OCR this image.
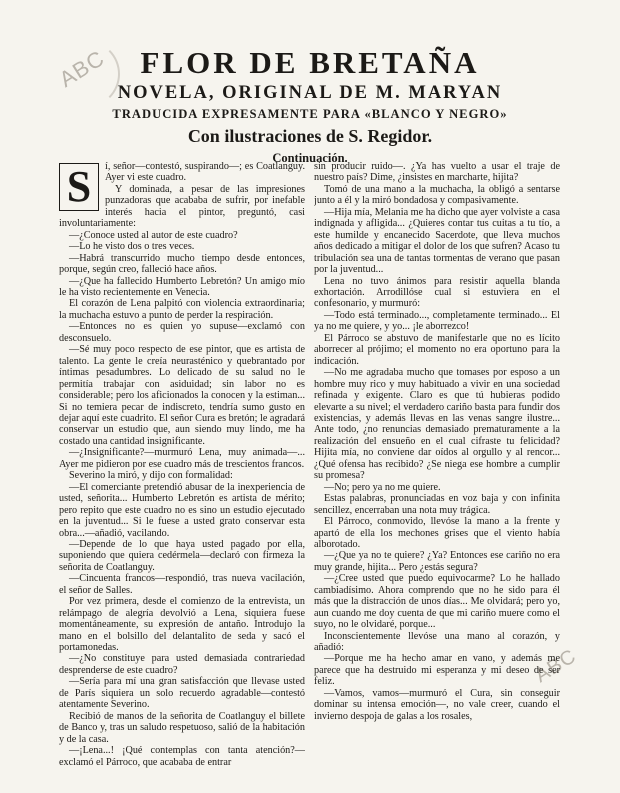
ABC
ABC
FLOR DE BRETAÑA
NOVELA, ORIGINAL DE M. MARYAN
TRADUCIDA EXPRESAMENTE PARA «BLANCO Y NEGRO»
Con ilustraciones de S. Regidor.
Continuación.
S	í, señor—contestó, suspirando—; es Coatlanguy. Ayer vi este cuadro.

Y dominada, a pesar de las impresiones punzadoras que acababa de sufrir, por inefable interés hacia el pintor, preguntó, casi involuntariamente:

—¿Conoce usted al autor de este cuadro?

—Lo he visto dos o tres veces.

—Habrá transcurrido mucho tiempo desde entonces, porque, según creo, falleció hace años.

—¿Que ha fallecido Humberto Lebretón? Un amigo mío le ha visto recientemente en Venecia.

El corazón de Lena palpitó con violencia extraordinaria; la muchacha estuvo a punto de perder la respiración.

—Entonces no es quien yo supuse—exclamó con desconsuelo.

—Sé muy poco respecto de ese pintor, que es artista de talento. La gente le creía neurasténico y quebrantado por íntimas pesadumbres. Lo delicado de su salud no le permitía trabajar con asiduidad; sin labor no es considerable; pero los aficionados la conocen y la estiman... Si no temiera pecar de indiscreto, tendría sumo gusto en dejar aquí este cuadrito. El señor Cura es bretón; le agradará conservar un estudio que, aun siendo muy lindo, me ha costado una cantidad insignificante.

—¿Insignificante?—murmuró Lena, muy animada—... Ayer me pidieron por ese cuadro más de trescientos francos.

Severino la miró, y dijo con formalidad:

—El comerciante pretendió abusar de la inexperiencia de usted, señorita... Humberto Lebretón es artista de mérito; pero repito que este cuadro no es sino un estudio ejecutado en la juventud... Si le fuese a usted grato conservar esta obra...—añadió, vacilando.

—Depende de lo que haya usted pagado por ella, suponiendo que quiera cedérmela—declaró con firmeza la señorita de Coatlanguy.

—Cincuenta francos—respondió, tras nueva vacilación, el señor de Salles.

Por vez primera, desde el comienzo de la entrevista, un relámpago de alegría devolvió a Lena, siquiera fuese momentáneamente, su expresión de antaño. Introdujo la mano en el bolsillo del delantalito de seda y sacó el portamonedas.

—¿No constituye para usted demasiada contrariedad desprenderse de este cuadro?

—Sería para mí una gran satisfacción que llevase usted de París siquiera un solo recuerdo agradable—contestó atentamente Severino.

Recibió de manos de la señorita de Coatlanguy el billete de Banco y, tras un saludo respetuoso, salió de la habitación y de la casa.

—¡Lena...! ¡Qué contemplas con tanta atención?—exclamó el Párroco, que acababa de entrar

sin producir ruido—. ¿Ya has vuelto a usar el traje de nuestro país? Dime, ¿insistes en marcharte, hijita?

Tomó de una mano a la muchacha, la obligó a sentarse junto a él y la miró bondadosa y compasivamente.

—Hija mía, Melania me ha dicho que ayer volviste a casa indignada y afligida... ¿Quieres contar tus cuitas a tu tío, a este humilde y encanecido Sacerdote, que lleva muchos años dedicado a mitigar el dolor de los que sufren? Acaso tu tribulación sea una de tantas tormentas de verano que pasan por la juventud...

Lena no tuvo ánimos para resistir aquella blanda exhortación. Arrodillóse cual si estuviera en el confesonario, y murmuró:

—Todo está terminado..., completamente terminado... El ya no me quiere, y yo... ¡le aborrezco!

El Párroco se abstuvo de manifestarle que no es lícito aborrecer al prójimo; el momento no era oportuno para la indicación.

—No me agradaba mucho que tomases por esposo a un hombre muy rico y muy habituado a vivir en una sociedad refinada y exigente. Claro es que tú hubieras podido elevarte a su nivel; el verdadero cariño basta para fundir dos existencias, y además llevas en las venas sangre ilustre... Ante todo, ¿no renuncias demasiado prematuramente a la realización del ensueño en el cual cifraste tu felicidad? Hijita mía, no conviene dar oídos al orgullo y al rencor... ¿Qué ofensa has recibido? ¿Se niega ese hombre a cumplir su promesa?

—No; pero ya no me quiere.

Estas palabras, pronunciadas en voz baja y con infinita sencillez, encerraban una nota muy trágica.

El Párroco, conmovido, llevóse la mano a la frente y apartó de ella los mechones grises que el viento había alborotado.

—¿Que ya no te quiere? ¿Ya? Entonces ese cariño no era muy grande, hijita... Pero ¿estás segura?

—¿Cree usted que puedo equivocarme? Lo he hallado cambiadísimo. Ahora comprendo que no he sido para él más que la distracción de unos días... Me olvidará; pero yo, aun cuando me doy cuenta de que mi cariño muere como el suyo, no le olvidaré, porque...

Inconscientemente llevóse una mano al corazón, y añadió:

—Porque me ha hecho amar en vano, y además me parece que ha destruido mi esperanza y mi deseo de ser feliz.

—Vamos, vamos—murmuró el Cura, sin conseguir dominar su intensa emoción—, no vale creer, cuando el invierno despoja de galas a los rosales,
